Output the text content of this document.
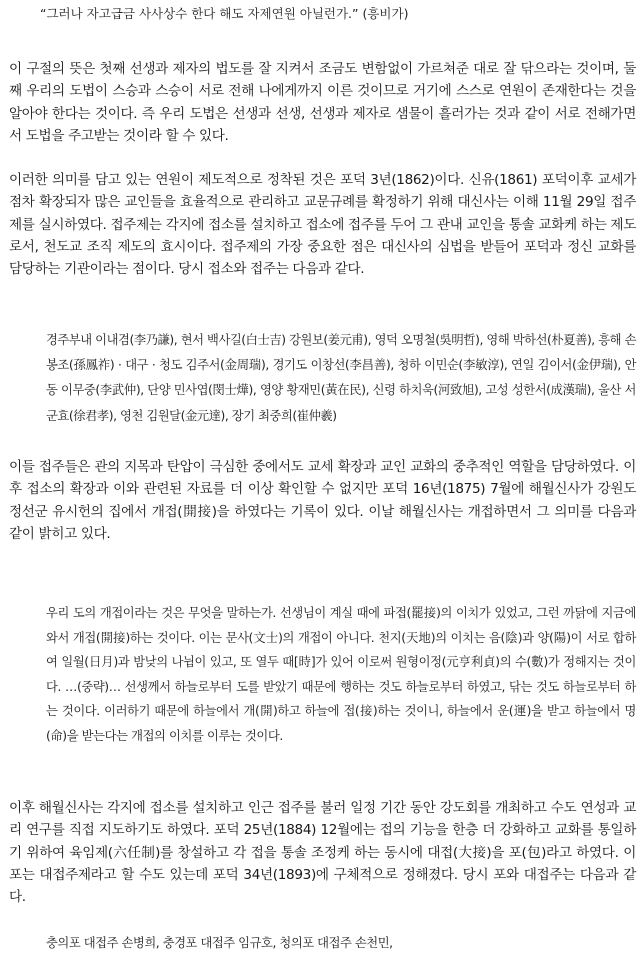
“그러나 자고급금 사사상수 한다 해도 자제연원 아닐런가.” (흥비가)
이 구절의 뜻은 첫째 선생과 제자의 법도를 잘 지켜서 조금도 변함없이 가르쳐준 대로 잘 닦으라는 것이며, 둘째 우리의 도법이 스승과 스승이 서로 전해 나에게까지 이른 것이므로 거기에 스스로 연원이 존재한다는 것을 알아야 한다는 것이다. 즉 우리 도법은 선생과 선생, 선생과 제자로 샘물이 흘러가는 것과 같이 서로 전해가면서 도법을 주고받는 것이라 할 수 있다.
이러한 의미를 담고 있는 연원이 제도적으로 정착된 것은 포덕 3년(1862)이다. 신유(1861) 포덕이후 교세가 점차 확장되자 많은 교인들을 효율적으로 관리하고 교문규례를 확정하기 위해 대신사는 이해 11월 29일 접주제를 실시하였다. 접주제는 각지에 접소를 설치하고 접소에 접주를 두어 그 관내 교인을 통솔 교화케 하는 제도로서, 천도교 조직 제도의 효시이다. 접주제의 가장 중요한 점은 대신사의 심법을 받들어 포덕과 정신 교화를 담당하는 기관이라는 점이다. 당시 접소와 접주는 다음과 같다.
경주부내 이내겸(李乃謙), 현서 백사길(白士吉) 강원보(姜元甫), 영덕 오명철(吳明哲), 영해 박하선(朴夏善), 흥해 손봉조(孫鳳祚) · 대구 · 청도 김주서(金周瑞), 경기도 이창선(李昌善), 청하 이민순(李敏淳), 연일 김이서(金伊瑞), 안동 이무중(李武仲), 단양 민사엽(閔士燁), 영양 황재민(黃在民), 신령 하치욱(河致旭), 고성 성한서(成漢瑞), 울산 서군효(徐君孝), 영천 김원달(金元達), 장기 최중희(崔仲羲)
이들 접주들은 관의 지목과 탄압이 극심한 중에서도 교세 확장과 교인 교화의 중추적인 역할을 담당하였다. 이후 접소의 확장과 이와 관련된 자료를 더 이상 확인할 수 없지만 포덕 16년(1875) 7월에 해월신사가 강원도 정선군 유시헌의 집에서 개접(開接)을 하였다는 기록이 있다. 이날 해월신사는 개접하면서 그 의미를 다음과 같이 밝히고 있다.
우리 도의 개접이라는 것은 무엇을 말하는가. 선생님이 계실 때에 파접(罷接)의 이치가 있었고, 그런 까닭에 지금에 와서 개접(開接)하는 것이다. 이는 문사(文士)의 개접이 아니다. 천지(天地)의 이치는 음(陰)과 양(陽)이 서로 합하여 일월(日月)과 밤낮의 나뉨이 있고, 또 열두 때[時]가 있어 이로써 원형이정(元亨利貞)의 수(數)가 정해지는 것이다. …(중략)… 선생께서 하늘로부터 도를 받았기 때문에 행하는 것도 하늘로부터 하였고, 닦는 것도 하늘로부터 하는 것이다. 이러하기 때문에 하늘에서 개(開)하고 하늘에 접(接)하는 것이니, 하늘에서 운(運)을 받고 하늘에서 명(命)을 받는다는 개접의 이치를 이루는 것이다.
이후 해월신사는 각지에 접소를 설치하고 인근 접주를 불러 일정 기간 동안 강도회를 개최하고 수도 연성과 교리 연구를 직접 지도하기도 하였다. 포덕 25년(1884) 12월에는 접의 기능을 한층 더 강화하고 교화를 통일하기 위하여 육임제(六任制)를 창설하고 각 접을 통솔 조정케 하는 동시에 대접(大接)을 포(包)라고 하였다. 이 포는 대접주제라고 할 수도 있는데 포덕 34년(1893)에 구체적으로 정해졌다. 당시 포와 대접주는 다음과 같다.
충의포 대접주 손병희, 충경포 대접주 임규호, 청의포 대접주 손천민,
